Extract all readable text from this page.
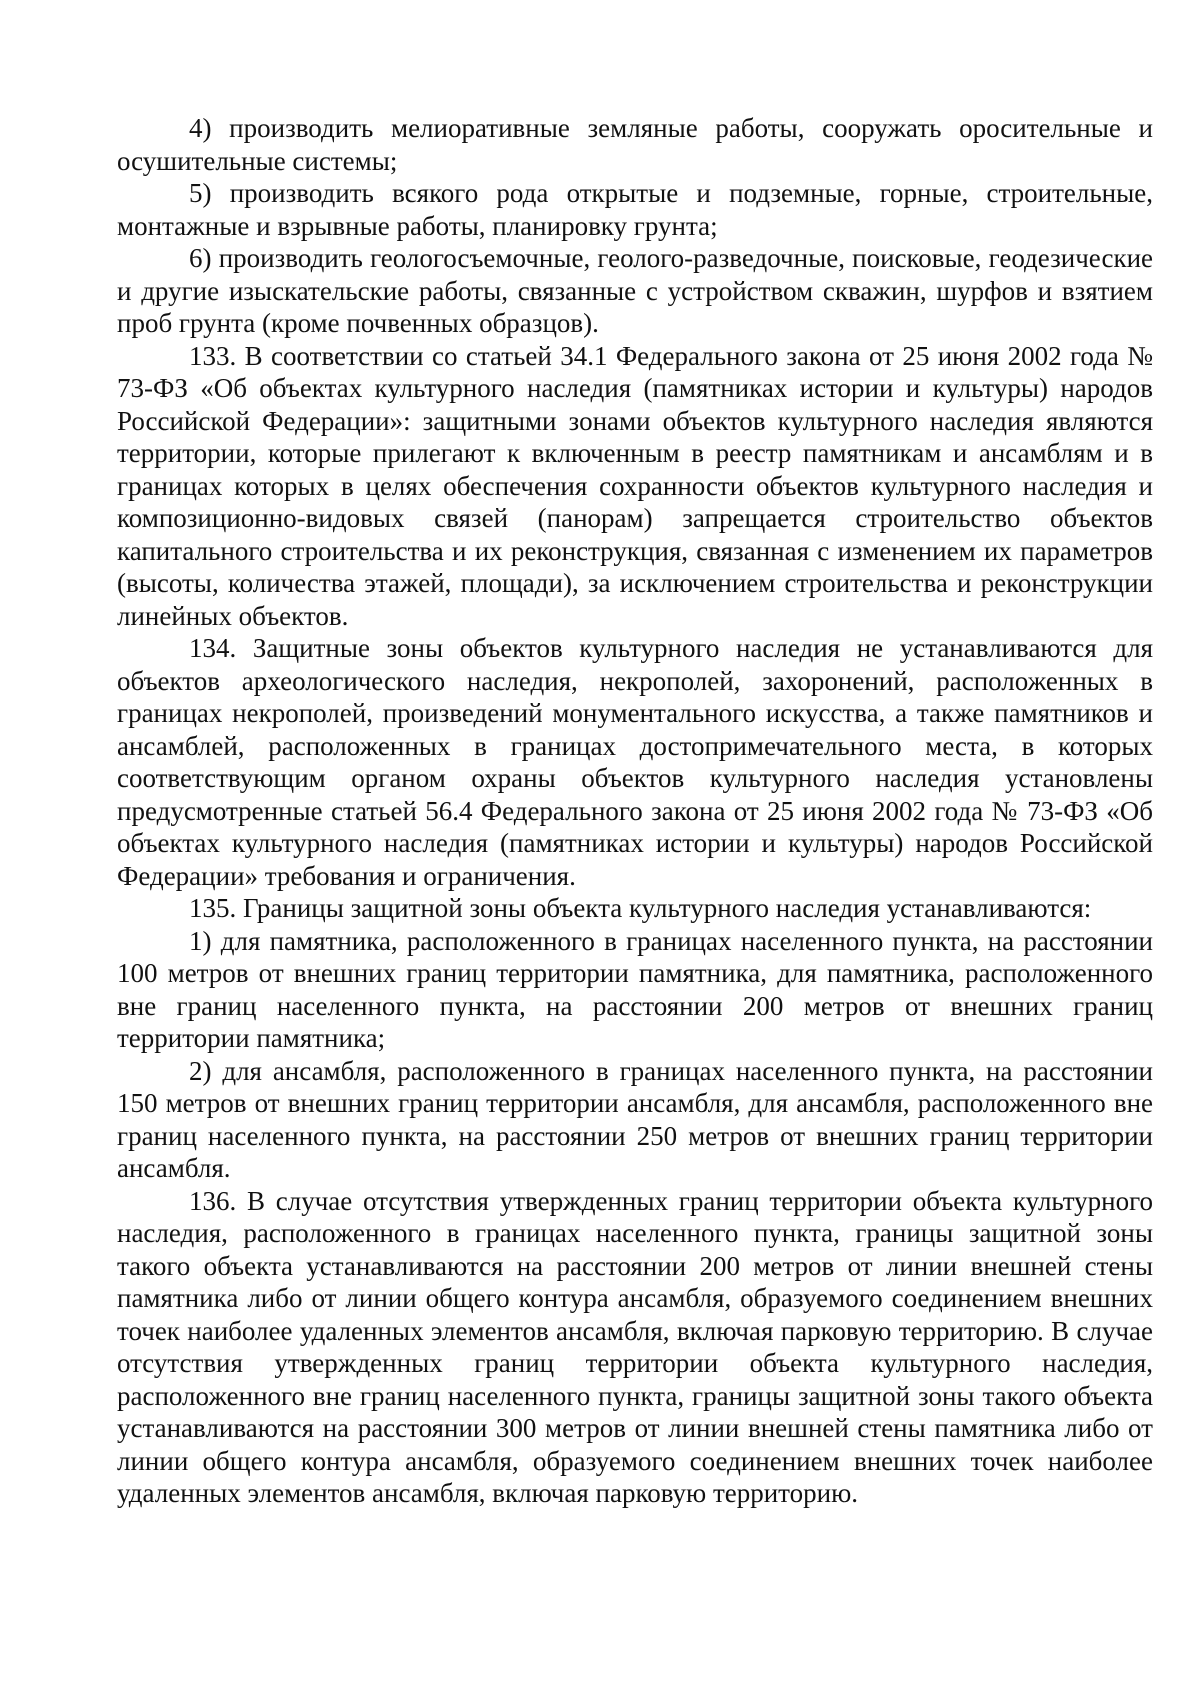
4) производить мелиоративные земляные работы, сооружать оросительные и осушительные системы;

5) производить всякого рода открытые и подземные, горные, строительные, монтажные и взрывные работы, планировку грунта;

6) производить геологосъемочные, геолого-разведочные, поисковые, геодезические и другие изыскательские работы, связанные с устройством скважин, шурфов и взятием проб грунта (кроме почвенных образцов).

133. В соответствии со статьей 34.1 Федерального закона от 25 июня 2002 года № 73-ФЗ «Об объектах культурного наследия (памятниках истории и культуры) народов Российской Федерации»: защитными зонами объектов культурного наследия являются территории, которые прилегают к включенным в реестр памятникам и ансамблям и в границах которых в целях обеспечения сохранности объектов культурного наследия и композиционно-видовых связей (панорам) запрещается строительство объектов капитального строительства и их реконструкция, связанная с изменением их параметров (высоты, количества этажей, площади), за исключением строительства и реконструкции линейных объектов.

134. Защитные зоны объектов культурного наследия не устанавливаются для объектов археологического наследия, некрополей, захоронений, расположенных в границах некрополей, произведений монументального искусства, а также памятников и ансамблей, расположенных в границах достопримечательного места, в которых соответствующим органом охраны объектов культурного наследия установлены предусмотренные статьей 56.4 Федерального закона от 25 июня 2002 года № 73-ФЗ «Об объектах культурного наследия (памятниках истории и культуры) народов Российской Федерации» требования и ограничения.

135. Границы защитной зоны объекта культурного наследия устанавливаются:

1) для памятника, расположенного в границах населенного пункта, на расстоянии 100 метров от внешних границ территории памятника, для памятника, расположенного вне границ населенного пункта, на расстоянии 200 метров от внешних границ территории памятника;

2) для ансамбля, расположенного в границах населенного пункта, на расстоянии 150 метров от внешних границ территории ансамбля, для ансамбля, расположенного вне границ населенного пункта, на расстоянии 250 метров от внешних границ территории ансамбля.

136. В случае отсутствия утвержденных границ территории объекта культурного наследия, расположенного в границах населенного пункта, границы защитной зоны такого объекта устанавливаются на расстоянии 200 метров от линии внешней стены памятника либо от линии общего контура ансамбля, образуемого соединением внешних точек наиболее удаленных элементов ансамбля, включая парковую территорию. В случае отсутствия утвержденных границ территории объекта культурного наследия, расположенного вне границ населенного пункта, границы защитной зоны такого объекта устанавливаются на расстоянии 300 метров от линии внешней стены памятника либо от линии общего контура ансамбля, образуемого соединением внешних точек наиболее удаленных элементов ансамбля, включая парковую территорию.
